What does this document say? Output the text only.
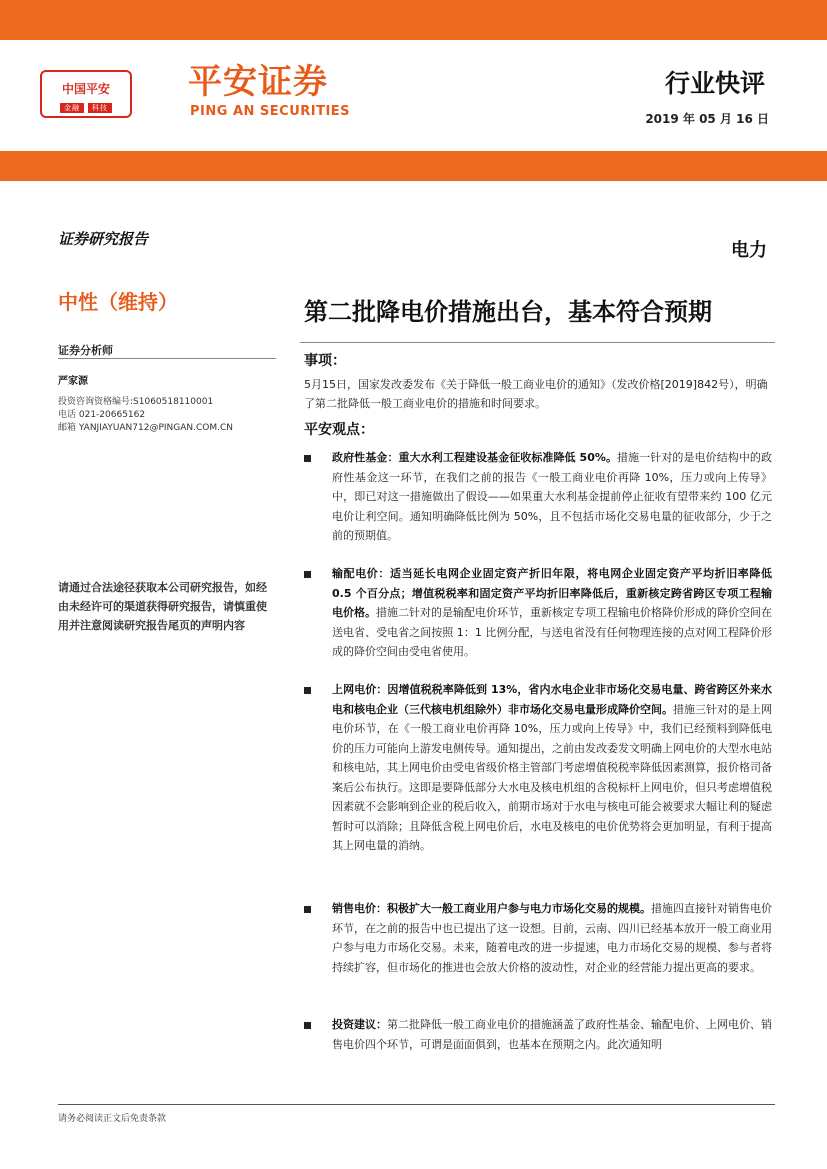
中国平安
金融 科技
平安证券
PING AN SECURITIES
行业快评
2019 年 05 月 16 日
证券研究报告
电力
中性（维持）	第二批降电价措施出台，基本符合预期
证券分析师
严家源
投资咨询资格编号:S1060518110001
电话 021-20665162
邮箱 YANJIAYUAN712@PINGAN.COM.CN
请通过合法途径获取本公司研究报告，如经由未经许可的渠道获得研究报告，请慎重使用并注意阅读研究报告尾页的声明内容
事项：
5月15日，国家发改委发布《关于降低一般工商业电价的通知》（发改价格[2019]842号），明确了第二批降低一般工商业电价的措施和时间要求。
平安观点：
政府性基金：重大水利工程建设基金征收标准降低 50%。措施一针对的是电价结构中的政府性基金这一环节，在我们之前的报告《一般工商业电价再降 10%，压力或向上传导》中，即已对这一措施做出了假设——如果重大水利基金提前停止征收有望带来约 100 亿元电价让利空间。通知明确降低比例为 50%，且不包括市场化交易电量的征收部分，少于之前的预期值。
输配电价：适当延长电网企业固定资产折旧年限，将电网企业固定资产平均折旧率降低 0.5 个百分点；增值税税率和固定资产平均折旧率降低后，重新核定跨省跨区专项工程输电价格。措施二针对的是输配电价环节，重新核定专项工程输电价格降价形成的降价空间在送电省、受电省之间按照 1：1 比例分配，与送电省没有任何物理连接的点对网工程降价形成的降价空间由受电省使用。
上网电价：因增值税税率降低到 13%，省内水电企业非市场化交易电量、跨省跨区外来水电和核电企业（三代核电机组除外）非市场化交易电量形成降价空间。措施三针对的是上网电价环节，在《一般工商业电价再降 10%，压力或向上传导》中，我们已经预料到降低电价的压力可能向上游发电侧传导。通知提出，之前由发改委发文明确上网电价的大型水电站和核电站，其上网电价由受电省级价格主管部门考虑增值税税率降低因素测算，报价格司备案后公布执行。这即是要降低部分大水电及核电机组的含税标杆上网电价，但只考虑增值税因素就不会影响到企业的税后收入，前期市场对于水电与核电可能会被要求大幅让利的疑虑暂时可以消除；且降低含税上网电价后，水电及核电的电价优势将会更加明显，有利于提高其上网电量的消纳。
销售电价：积极扩大一般工商业用户参与电力市场化交易的规模。措施四直接针对销售电价环节，在之前的报告中也已提出了这一设想。目前，云南、四川已经基本放开一般工商业用户参与电力市场化交易。未来，随着电改的进一步提速，电力市场化交易的规模、参与者将持续扩容，但市场化的推进也会放大价格的波动性，对企业的经营能力提出更高的要求。
投资建议：第二批降低一般工商业电价的措施涵盖了政府性基金、输配电价、上网电价、销售电价四个环节，可谓是面面俱到，也基本在预期之内。此次通知明
请务必阅读正文后免责条款
